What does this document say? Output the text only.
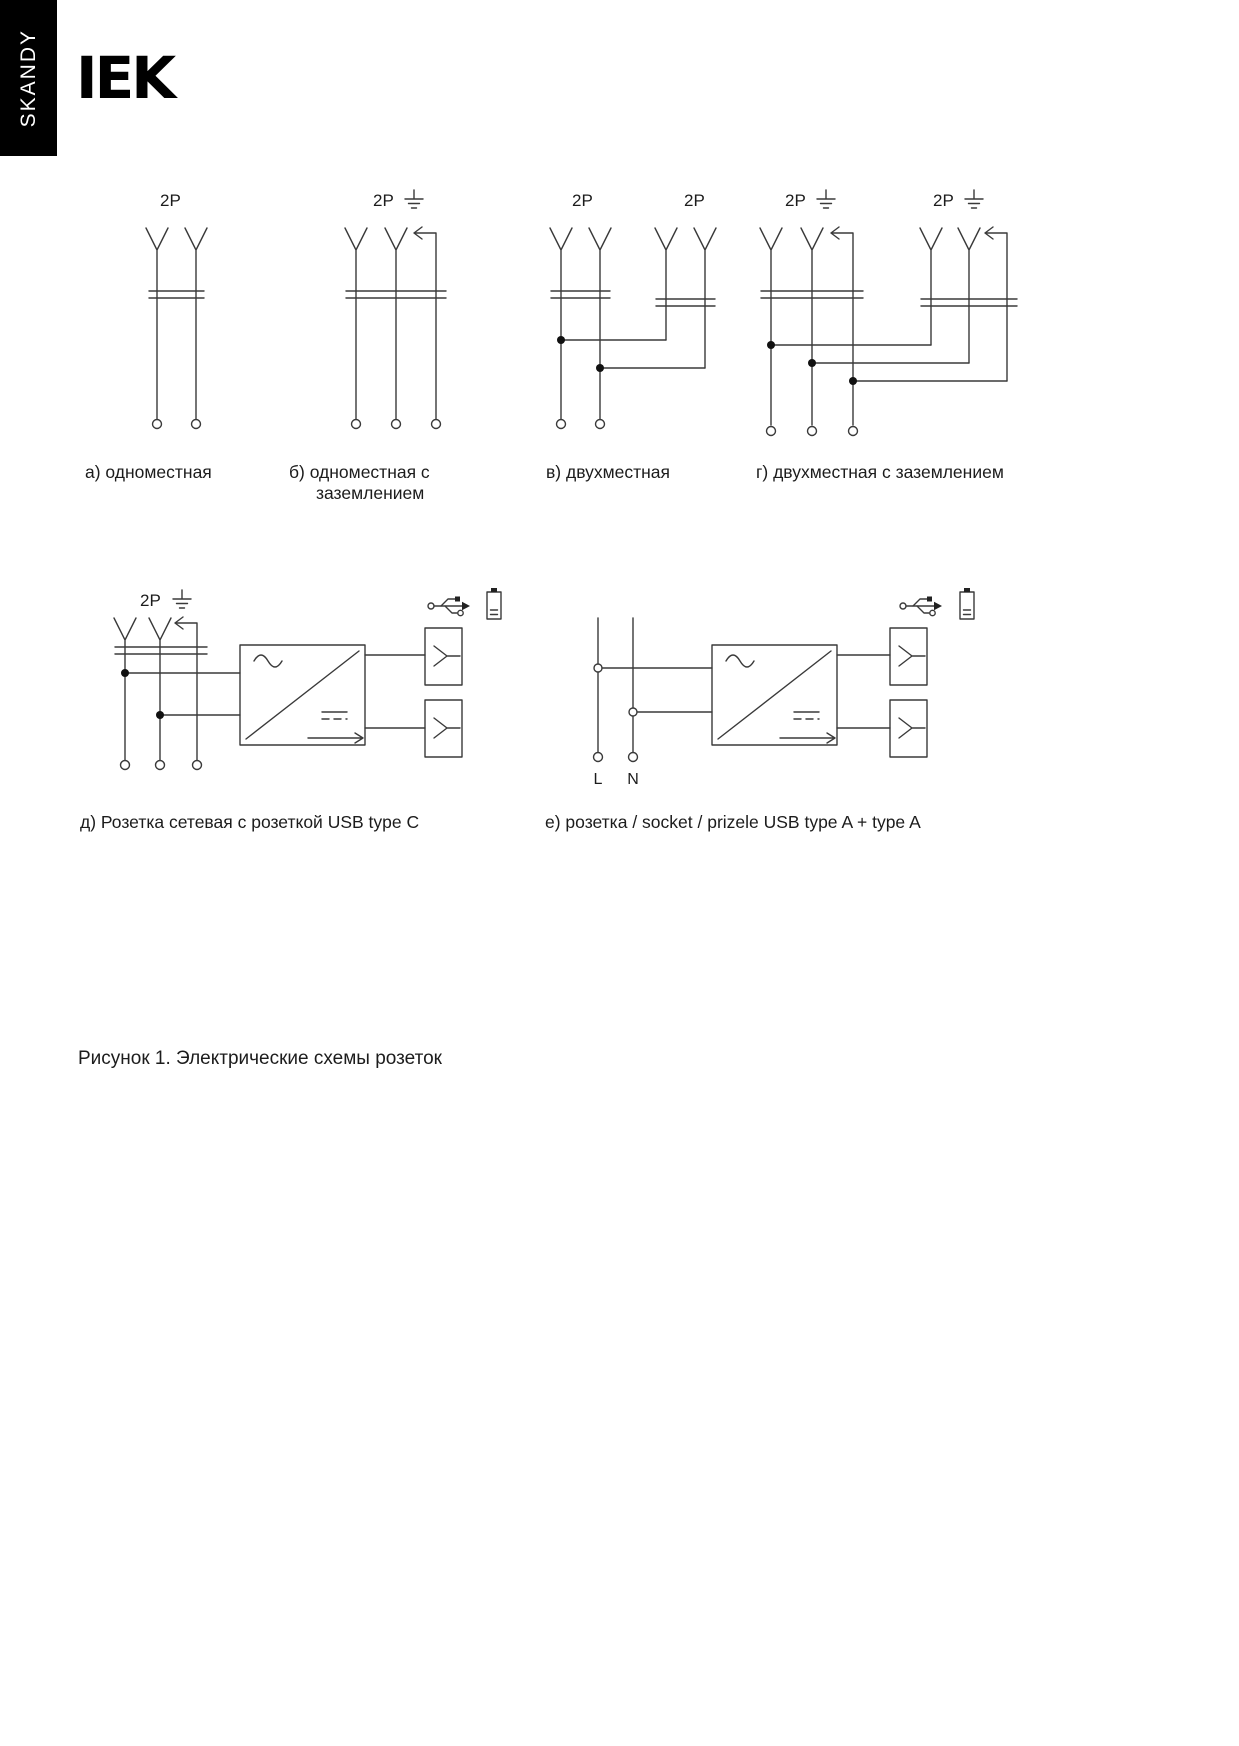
SKANDY IEK
2P
а) одноместная
2P
б) одноместная с
заземлением
2P	2P
в) двухместная
2P	2P
г) двухместная с заземлением
2P
д) Розетка сетевая с розеткой USB type C
L N
е) розетка / socket / prizele USB type A + type A
Рисунок 1. Электрические схемы розеток
